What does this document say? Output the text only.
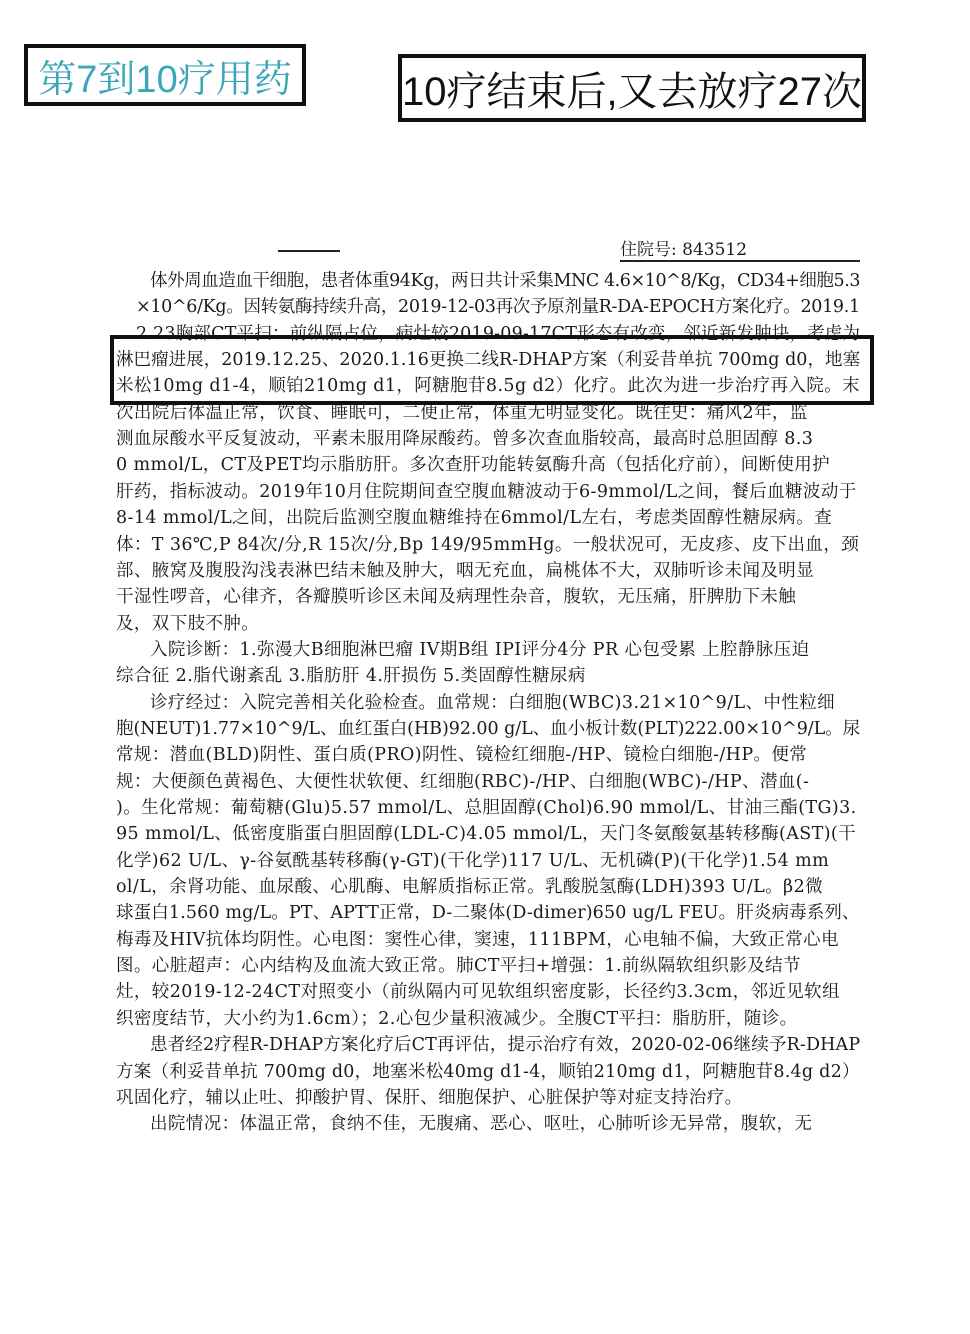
第7到10疗用药	10疗结束后,又去放疗27次
住院号: 843512
体外周血造血干细胞，患者体重94Kg，两日共计采集MNC 4.6×10^8/Kg，CD34+细胞5.3
×10^6/Kg。因转氨酶持续升高，2019-12-03再次予原剂量R-DA-EPOCH方案化疗。2019.1
2.23胸部CT平扫：前纵隔占位，病灶较2019-09-17CT形态有改变，邻近新发肿块，考虑为
淋巴瘤进展，2019.12.25、2020.1.16更换二线R-DHAP方案（利妥昔单抗 700mg d0，地塞
米松10mg d1-4，顺铂210mg d1，阿糖胞苷8.5g d2）化疗。此次为进一步治疗再入院。末
次出院后体温正常，饮食、睡眠可，二便正常，体重无明显变化。既往史：痛风2年，监
测血尿酸水平反复波动，平素未服用降尿酸药。曾多次查血脂较高，最高时总胆固醇 8.3
0 mmol/L，CT及PET均示脂肪肝。多次查肝功能转氨酶升高（包括化疗前），间断使用护
肝药，指标波动。2019年10月住院期间查空腹血糖波动于6-9mmol/L之间，餐后血糖波动于
8-14 mmol/L之间，出院后监测空腹血糖维持在6mmol/L左右，考虑类固醇性糖尿病。查
体：T 36℃,P 84次/分,R 15次/分,Bp 149/95mmHg。一般状况可，无皮疹、皮下出血，颈
部、腋窝及腹股沟浅表淋巴结未触及肿大，咽无充血，扁桃体不大，双肺听诊未闻及明显
干湿性啰音，心律齐，各瓣膜听诊区未闻及病理性杂音，腹软，无压痛，肝脾肋下未触
及，双下肢不肿。
入院诊断：1.弥漫大B细胞淋巴瘤 IV期B组 IPI评分4分 PR 心包受累 上腔静脉压迫
综合征 2.脂代谢紊乱 3.脂肪肝 4.肝损伤 5.类固醇性糖尿病
诊疗经过：入院完善相关化验检查。血常规：白细胞(WBC)3.21×10^9/L、中性粒细
胞(NEUT)1.77×10^9/L、血红蛋白(HB)92.00 g/L、血小板计数(PLT)222.00×10^9/L。尿
常规：潜血(BLD)阴性、蛋白质(PRO)阴性、镜检红细胞-/HP、镜检白细胞-/HP。便常
规：大便颜色黄褐色、大便性状软便、红细胞(RBC)-/HP、白细胞(WBC)-/HP、潜血(-
)。生化常规：葡萄糖(Glu)5.57 mmol/L、总胆固醇(Chol)6.90 mmol/L、甘油三酯(TG)3.
95 mmol/L、低密度脂蛋白胆固醇(LDL-C)4.05 mmol/L，天门冬氨酸氨基转移酶(AST)(干
化学)62 U/L、γ-谷氨酰基转移酶(γ-GT)(干化学)117 U/L、无机磷(P)(干化学)1.54 mm
ol/L，余肾功能、血尿酸、心肌酶、电解质指标正常。乳酸脱氢酶(LDH)393 U/L。β2微
球蛋白1.560 mg/L。PT、APTT正常，D-二聚体(D-dimer)650 ug/L FEU。肝炎病毒系列、
梅毒及HIV抗体均阴性。心电图：窦性心律，窦速，111BPM，心电轴不偏，大致正常心电
图。心脏超声：心内结构及血流大致正常。肺CT平扫+增强：1.前纵隔软组织影及结节
灶，较2019-12-24CT对照变小（前纵隔内可见软组织密度影，长径约3.3cm，邻近见软组
织密度结节，大小约为1.6cm）；2.心包少量积液减少。全腹CT平扫：脂肪肝，随诊。
患者经2疗程R-DHAP方案化疗后CT再评估，提示治疗有效，2020-02-06继续予R-DHAP
方案（利妥昔单抗 700mg d0，地塞米松40mg d1-4，顺铂210mg d1，阿糖胞苷8.4g d2）
巩固化疗，辅以止吐、抑酸护胃、保肝、细胞保护、心脏保护等对症支持治疗。
出院情况：体温正常，食纳不佳，无腹痛、恶心、呕吐，心肺听诊无异常，腹软，无
